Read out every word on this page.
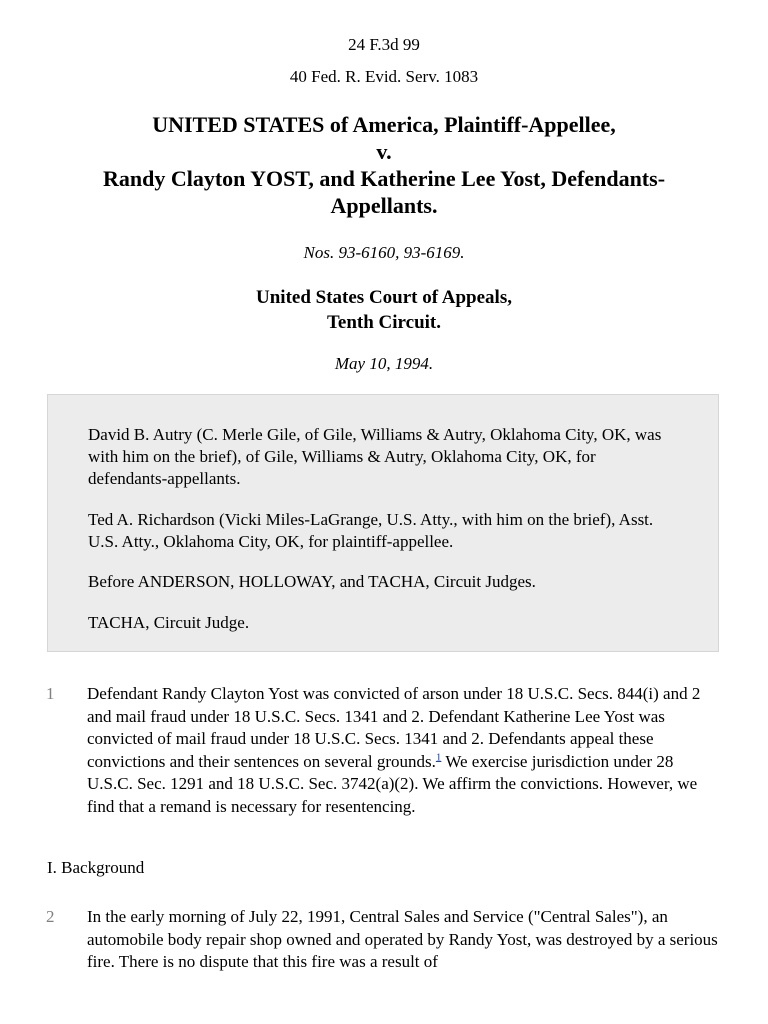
24 F.3d 99
40 Fed. R. Evid. Serv. 1083
UNITED STATES of America, Plaintiff-Appellee,
v.
Randy Clayton YOST, and Katherine Lee Yost, Defendants-
Appellants.
Nos. 93-6160, 93-6169.
United States Court of Appeals,
Tenth Circuit.
May 10, 1994.

David B. Autry (C. Merle Gile, of Gile, Williams & Autry, Oklahoma City, OK, was with him on the brief), of Gile, Williams & Autry, Oklahoma City, OK, for defendants-appellants.

Ted A. Richardson (Vicki Miles-LaGrange, U.S. Atty., with him on the brief), Asst. U.S. Atty., Oklahoma City, OK, for plaintiff-appellee.

Before ANDERSON, HOLLOWAY, and TACHA, Circuit Judges.

TACHA, Circuit Judge.

1 Defendant Randy Clayton Yost was convicted of arson under 18 U.S.C. Secs. 844(i) and 2 and mail fraud under 18 U.S.C. Secs. 1341 and 2. Defendant Katherine Lee Yost was convicted of mail fraud under 18 U.S.C. Secs. 1341 and 2. Defendants appeal these convictions and their sentences on several grounds.$^1$ We exercise jurisdiction under 28 U.S.C. Sec. 1291 and 18 U.S.C. Sec. 3742(a)(2). We affirm the convictions. However, we find that a remand is necessary for resentencing.

I. Background
2 In the early morning of July 22, 1991, Central Sales and Service ("Central Sales"), an automobile body repair shop owned and operated by Randy Yost, was destroyed by a serious fire. There is no dispute that this fire was a result of
